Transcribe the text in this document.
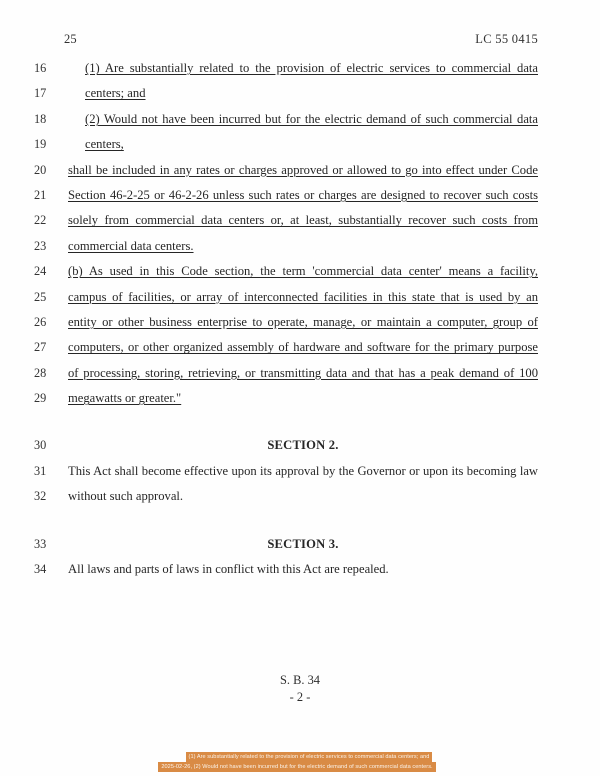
25	LC 55 0415
16	(1) Are substantially related to the provision of electric services to commercial data
17	centers; and
18	(2) Would not have been incurred but for the electric demand of such commercial data
19	centers,
20	shall be included in any rates or charges approved or allowed to go into effect under Code
21	Section 46-2-25 or 46-2-26 unless such rates or charges are designed to recover such costs
22	solely from commercial data centers or, at least, substantially recover such costs from
23	commercial data centers.
24	(b) As used in this Code section, the term 'commercial data center' means a facility,
25	campus of facilities, or array of interconnected facilities in this state that is used by an
26	entity or other business enterprise to operate, manage, or maintain a computer, group of
27	computers, or other organized assembly of hardware and software for the primary purpose
28	of processing, storing, retrieving, or transmitting data and that has a peak demand of 100
29	megawatts or greater."
30	SECTION 2.
31	This Act shall become effective upon its approval by the Governor or upon its becoming law
32	without such approval.
33	SECTION 3.
34	All laws and parts of laws in conflict with this Act are repealed.
S. B. 34
- 2 -
(1) Are substantially related to the provision of electric services to commercial data centers; and
2025-02-26, (2) Would not have been incurred but for the electric demand of such commercial data centers.
